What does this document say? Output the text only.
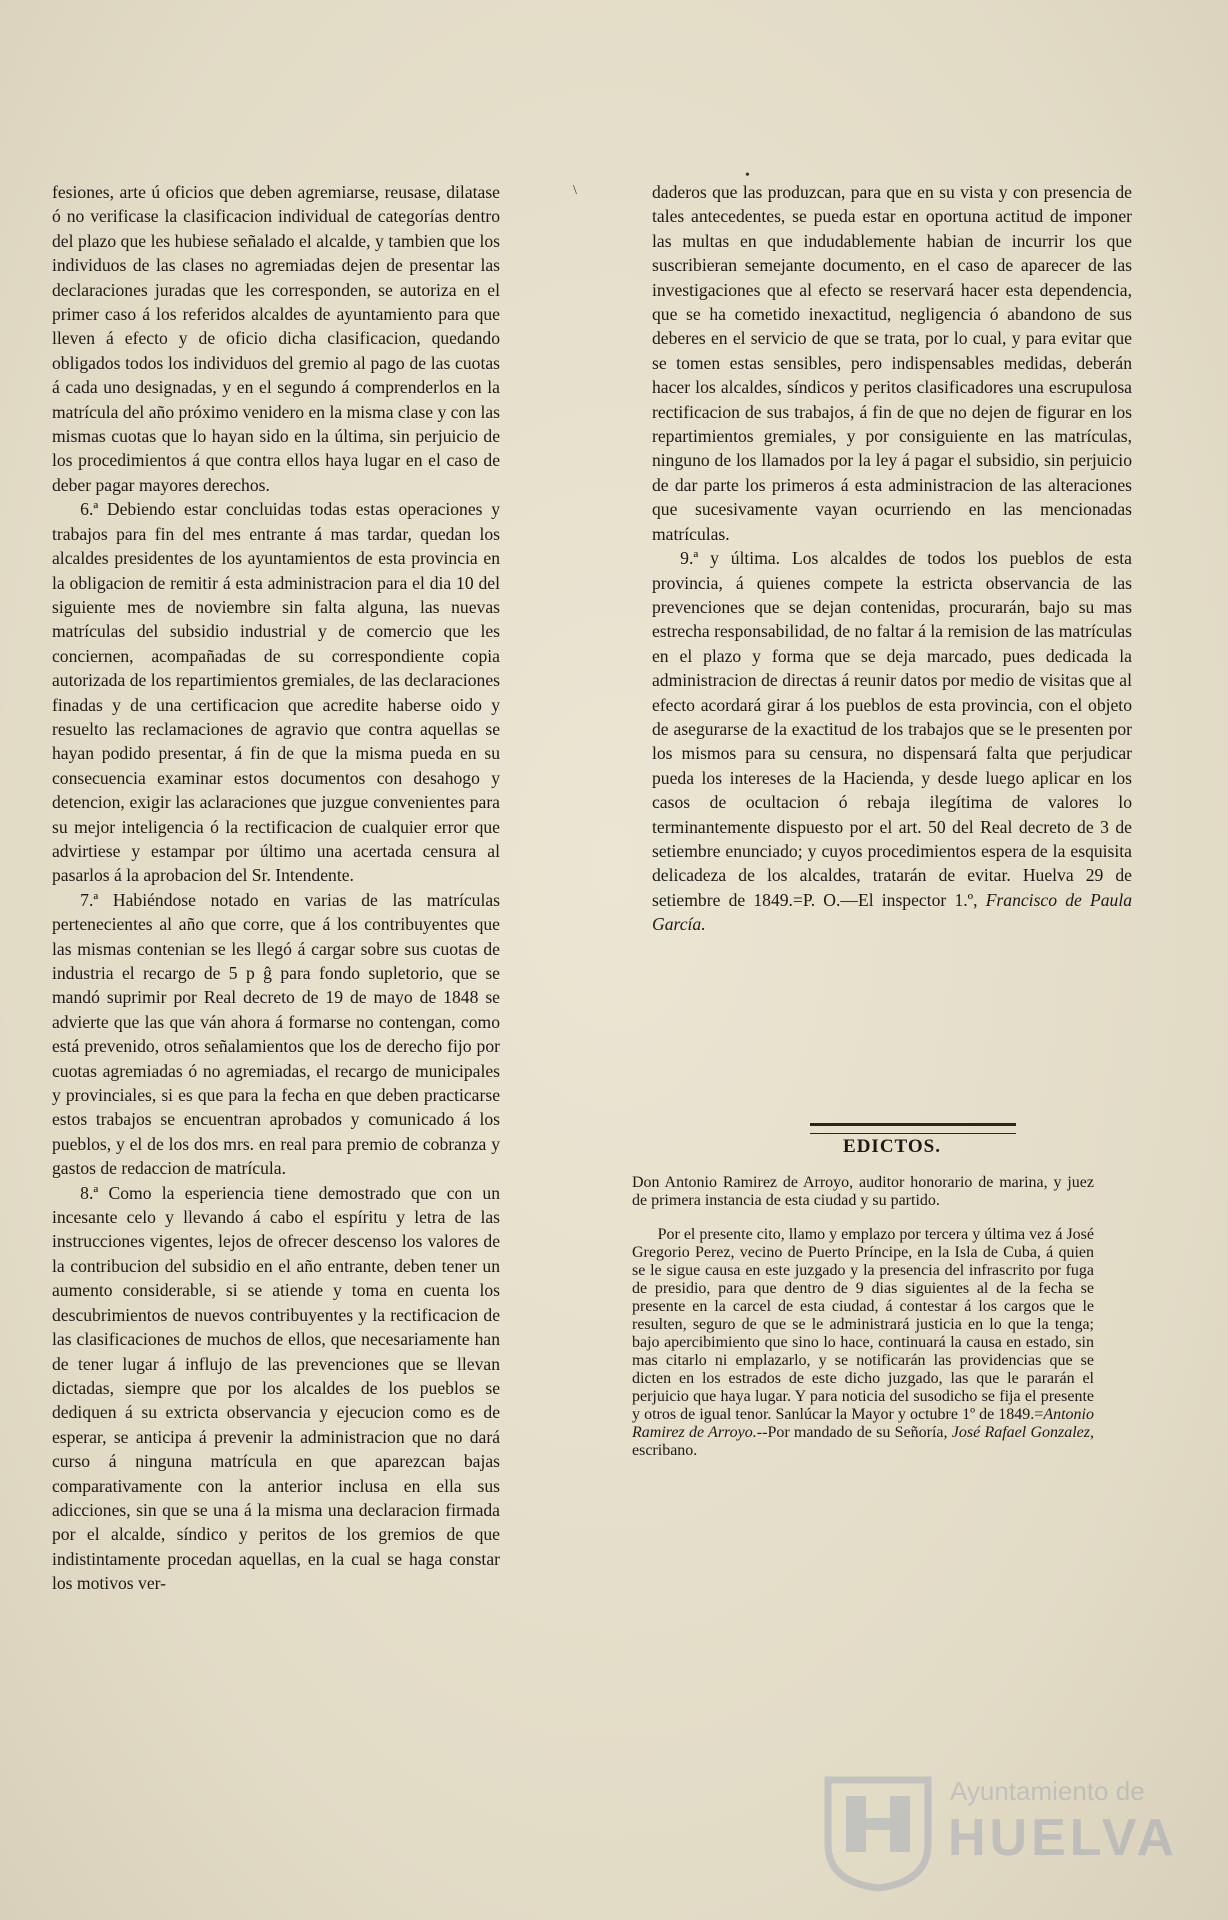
•
\

fesiones, arte ú oficios que deben agremiarse, reusase, dilatase ó no verificase la clasificacion individual de categorías dentro del plazo que les hubiese señalado el alcalde, y tambien que los individuos de las clases no agremiadas dejen de presentar las declaraciones juradas que les corresponden, se autoriza en el primer caso á los referidos alcaldes de ayuntamiento para que lleven á efecto y de oficio dicha clasificacion, quedando obligados todos los individuos del gremio al pago de las cuotas á cada uno designadas, y en el segundo á comprenderlos en la matrícula del año próximo venidero en la misma clase y con las mismas cuotas que lo hayan sido en la última, sin perjuicio de los procedimientos á que contra ellos haya lugar en el caso de deber pagar mayores derechos.

6.ª Debiendo estar concluidas todas estas operaciones y trabajos para fin del mes entrante á mas tardar, quedan los alcaldes presidentes de los ayuntamientos de esta provincia en la obligacion de remitir á esta administracion para el dia 10 del siguiente mes de noviembre sin falta alguna, las nuevas matrículas del subsidio industrial y de comercio que les conciernen, acompañadas de su correspondiente copia autorizada de los repartimientos gremiales, de las declaraciones finadas y de una certificacion que acredite haberse oido y resuelto las reclamaciones de agravio que contra aquellas se hayan podido presentar, á fin de que la misma pueda en su consecuencia examinar estos documentos con desahogo y detencion, exigir las aclaraciones que juzgue convenientes para su mejor inteligencia ó la rectificacion de cualquier error que advirtiese y estampar por último una acertada censura al pasarlos á la aprobacion del Sr. Intendente.

7.ª Habiéndose notado en varias de las matrículas pertenecientes al año que corre, que á los contribuyentes que las mismas contenian se les llegó á cargar sobre sus cuotas de industria el recargo de 5 p ĝ para fondo supletorio, que se mandó suprimir por Real decreto de 19 de mayo de 1848 se advierte que las que ván ahora á formarse no contengan, como está prevenido, otros señalamientos que los de derecho fijo por cuotas agremiadas ó no agremiadas, el recargo de municipales y provinciales, si es que para la fecha en que deben practicarse estos trabajos se encuentran aprobados y comunicado á los pueblos, y el de los dos mrs. en real para premio de cobranza y gastos de redaccion de matrícula.

8.ª Como la esperiencia tiene demostrado que con un incesante celo y llevando á cabo el espíritu y letra de las instrucciones vigentes, lejos de ofrecer descenso los valores de la contribucion del subsidio en el año entrante, deben tener un aumento considerable, si se atiende y toma en cuenta los descubrimientos de nuevos contribuyentes y la rectificacion de las clasificaciones de muchos de ellos, que necesariamente han de tener lugar á influjo de las prevenciones que se llevan dictadas, siempre que por los alcaldes de los pueblos se dediquen á su extricta observancia y ejecucion como es de esperar, se anticipa á prevenir la administracion que no dará curso á ninguna matrícula en que aparezcan bajas comparativamente con la anterior inclusa en ella sus adicciones, sin que se una á la misma una declaracion firmada por el alcalde, síndico y peritos de los gremios de que indistintamente procedan aquellas, en la cual se haga constar los motivos ver-

daderos que las produzcan, para que en su vista y con presencia de tales antecedentes, se pueda estar en oportuna actitud de imponer las multas en que indudablemente habian de incurrir los que suscribieran semejante documento, en el caso de aparecer de las investigaciones que al efecto se reservará hacer esta dependencia, que se ha cometido inexactitud, negligencia ó abandono de sus deberes en el servicio de que se trata, por lo cual, y para evitar que se tomen estas sensibles, pero indispensables medidas, deberán hacer los alcaldes, síndicos y peritos clasificadores una escrupulosa rectificacion de sus trabajos, á fin de que no dejen de figurar en los repartimientos gremiales, y por consiguiente en las matrículas, ninguno de los llamados por la ley á pagar el subsidio, sin perjuicio de dar parte los primeros á esta administracion de las alteraciones que sucesivamente vayan ocurriendo en las mencionadas matrículas.

9.ª y última. Los alcaldes de todos los pueblos de esta provincia, á quienes compete la estricta observancia de las prevenciones que se dejan contenidas, procurarán, bajo su mas estrecha responsabilidad, de no faltar á la remision de las matrículas en el plazo y forma que se deja marcado, pues dedicada la administracion de directas á reunir datos por medio de visitas que al efecto acordará girar á los pueblos de esta provincia, con el objeto de asegurarse de la exactitud de los trabajos que se le presenten por los mismos para su censura, no dispensará falta que perjudicar pueda los intereses de la Hacienda, y desde luego aplicar en los casos de ocultacion ó rebaja ilegítima de valores lo terminantemente dispuesto por el art. 50 del Real decreto de 3 de setiembre enunciado; y cuyos procedimientos espera de la esquisita delicadeza de los alcaldes, tratarán de evitar. Huelva 29 de setiembre de 1849.=P. O.—El inspector 1.º, Francisco de Paula García.

EDICTOS.

Don Antonio Ramirez de Arroyo, auditor honorario de marina, y juez de primera instancia de esta ciudad y su partido.

Por el presente cito, llamo y emplazo por tercera y última vez á José Gregorio Perez, vecino de Puerto Príncipe, en la Isla de Cuba, á quien se le sigue causa en este juzgado y la presencia del infrascrito por fuga de presidio, para que dentro de 9 dias siguientes al de la fecha se presente en la carcel de esta ciudad, á contestar á los cargos que le resulten, seguro de que se le administrará justicia en lo que la tenga; bajo apercibimiento que sino lo hace, continuará la causa en estado, sin mas citarlo ni emplazarlo, y se notificarán las providencias que se dicten en los estrados de este dicho juzgado, las que le pararán el perjuicio que haya lugar. Y para noticia del susodicho se fija el presente y otros de igual tenor. Sanlúcar la Mayor y octubre 1º de 1849.=Antonio Ramirez de Arroyo.--Por mandado de su Señoría, José Rafael Gonzalez, escribano.

Ayuntamiento de
HUELVA
